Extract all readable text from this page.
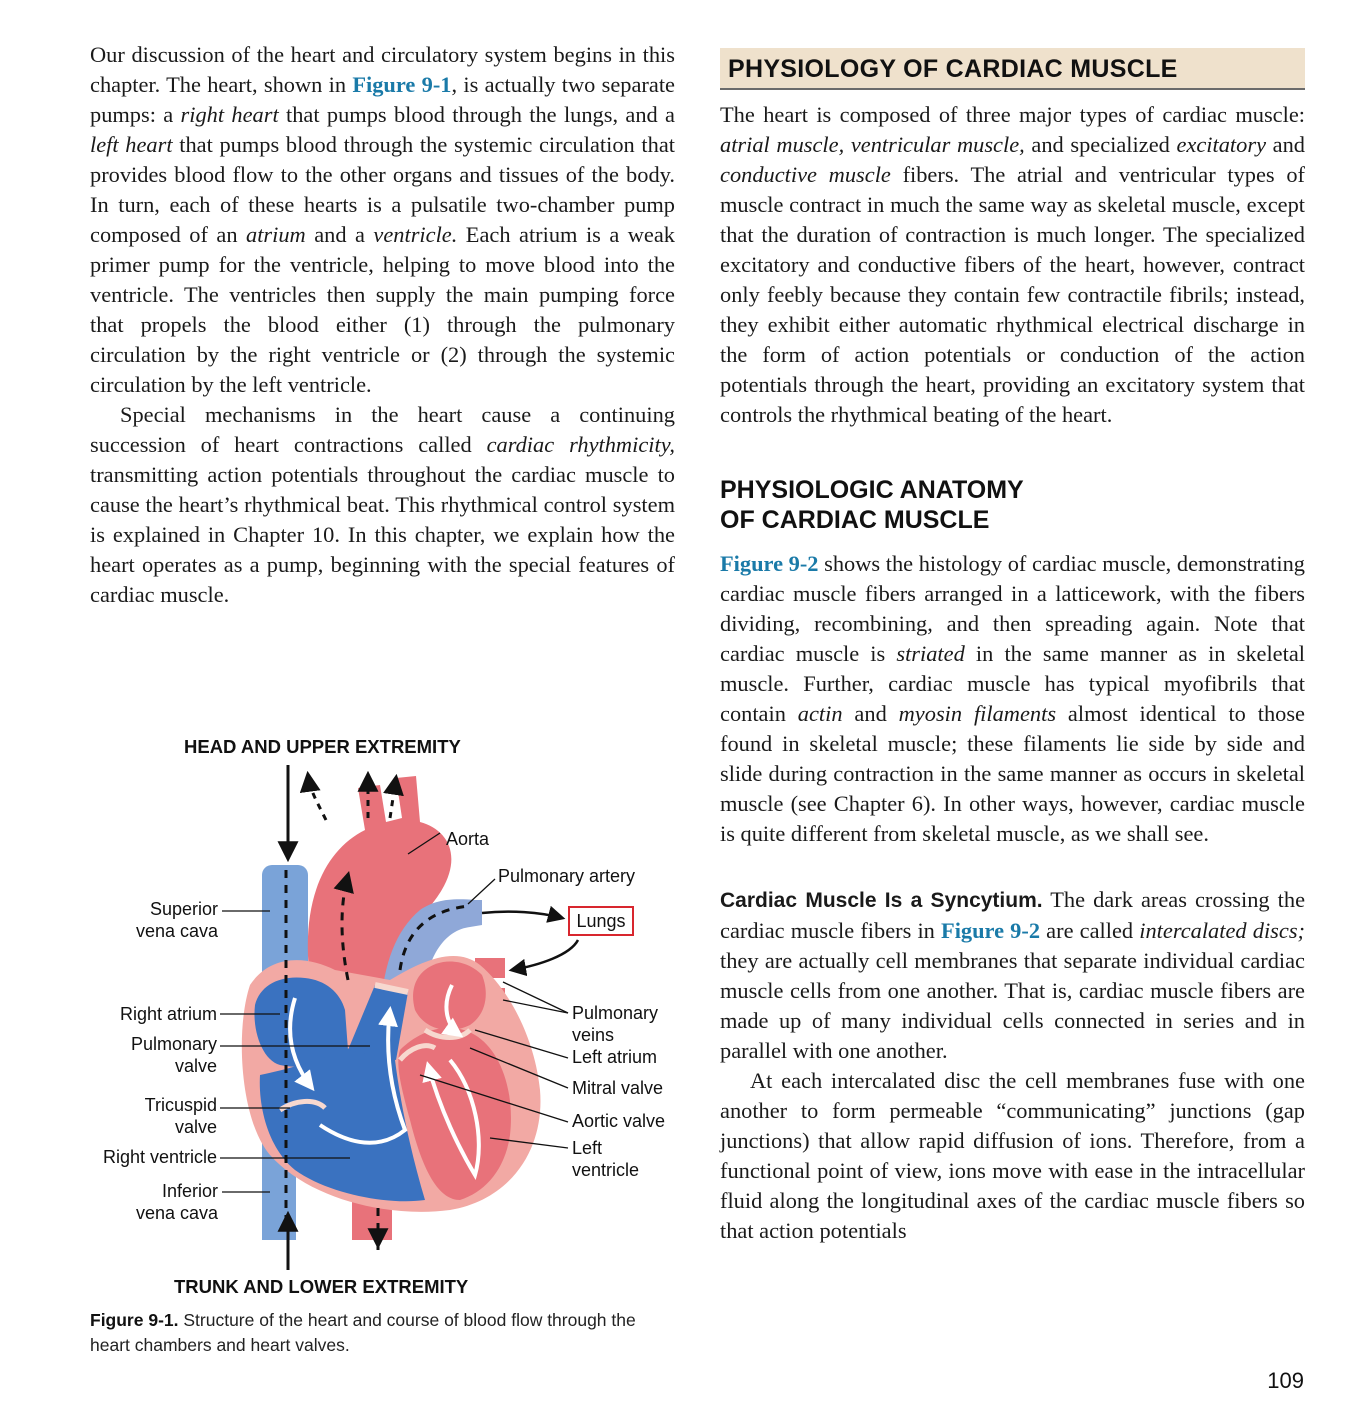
Our discussion of the heart and circulatory system begins in this chapter. The heart, shown in Figure 9-1, is actually two separate pumps: a right heart that pumps blood through the lungs, and a left heart that pumps blood through the systemic circulation that provides blood flow to the other organs and tissues of the body. In turn, each of these hearts is a pulsatile two-chamber pump composed of an atrium and a ventricle. Each atrium is a weak primer pump for the ventricle, helping to move blood into the ventricle. The ventricles then supply the main pumping force that propels the blood either (1) through the pulmonary circulation by the right ventricle or (2) through the systemic circulation by the left ventricle.

Special mechanisms in the heart cause a continuing succession of heart contractions called cardiac rhythmicity, transmitting action potentials throughout the cardiac muscle to cause the heart’s rhythmical beat. This rhythmical control system is explained in Chapter 10. In this chapter, we explain how the heart operates as a pump, beginning with the special features of cardiac muscle.

HEAD AND UPPER EXTREMITY
TRUNK AND LOWER EXTREMITY
Superior
vena cava
Right atrium
Pulmonary
valve
Tricuspid
valve
Right ventricle
Inferior
vena cava
Aorta
Pulmonary artery
Lungs
Pulmonary
veins
Left atrium
Mitral valve
Aortic valve
Left
ventricle
Figure 9-1. Structure of the heart and course of blood flow through the heart chambers and heart valves.
PHYSIOLOGY OF CARDIAC MUSCLE

The heart is composed of three major types of cardiac muscle: atrial muscle, ventricular muscle, and specialized excitatory and conductive muscle fibers. The atrial and ventricular types of muscle contract in much the same way as skeletal muscle, except that the duration of contraction is much longer. The specialized excitatory and conductive fibers of the heart, however, contract only feebly because they contain few contractile fibrils; instead, they exhibit either automatic rhythmical electrical discharge in the form of action potentials or conduction of the action potentials through the heart, providing an excitatory system that controls the rhythmical beating of the heart.

PHYSIOLOGIC ANATOMY
OF CARDIAC MUSCLE

Figure 9-2 shows the histology of cardiac muscle, demonstrating cardiac muscle fibers arranged in a latticework, with the fibers dividing, recombining, and then spreading again. Note that cardiac muscle is striated in the same manner as in skeletal muscle. Further, cardiac muscle has typical myofibrils that contain actin and myosin filaments almost identical to those found in skeletal muscle; these filaments lie side by side and slide during contraction in the same manner as occurs in skeletal muscle (see Chapter 6). In other ways, however, cardiac muscle is quite different from skeletal muscle, as we shall see.

Cardiac Muscle Is a Syncytium. The dark areas crossing the cardiac muscle fibers in Figure 9-2 are called intercalated discs; they are actually cell membranes that separate individual cardiac muscle cells from one another. That is, cardiac muscle fibers are made up of many individual cells connected in series and in parallel with one another.

At each intercalated disc the cell membranes fuse with one another to form permeable “communicating” junctions (gap junctions) that allow rapid diffusion of ions. Therefore, from a functional point of view, ions move with ease in the intracellular fluid along the longitudinal axes of the cardiac muscle fibers so that action potentials

109
